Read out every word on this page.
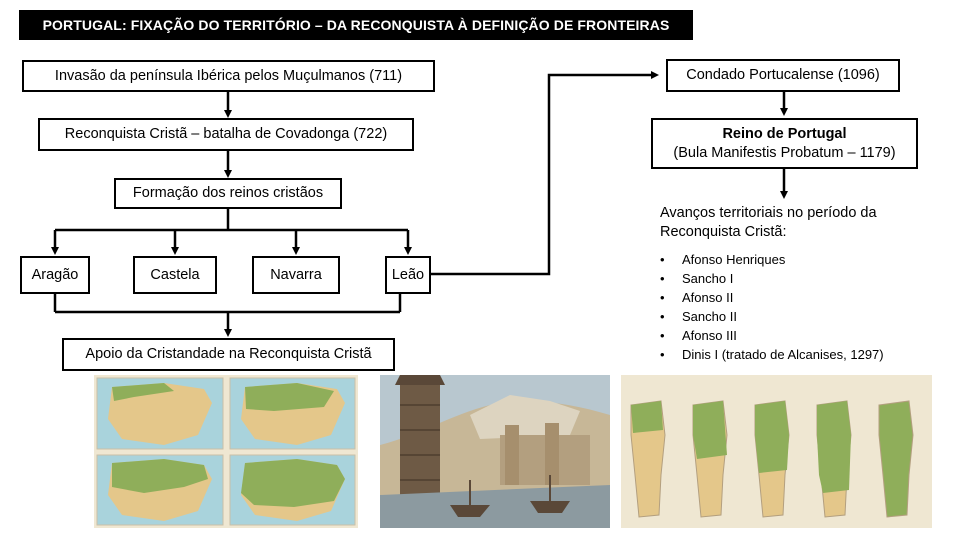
PORTUGAL: FIXAÇÃO DO TERRITÓRIO – DA RECONQUISTA À DEFINIÇÃO DE FRONTEIRAS
Invasão da península Ibérica pelos Muçulmanos (711)
Reconquista Cristã – batalha de Covadonga (722)
Formação dos reinos cristãos
Aragão	Castela	Navarra	Leão
Apoio da Cristandade na Reconquista Cristã
Condado Portucalense (1096)
Reino de Portugal
(Bula Manifestis Probatum – 1179)
Avanços territoriais no período da Reconquista Cristã:
• Afonso Henriques
• Sancho I
• Afonso II
• Sancho II
• Afonso III
• Dinis I (tratado de Alcanises, 1297)
